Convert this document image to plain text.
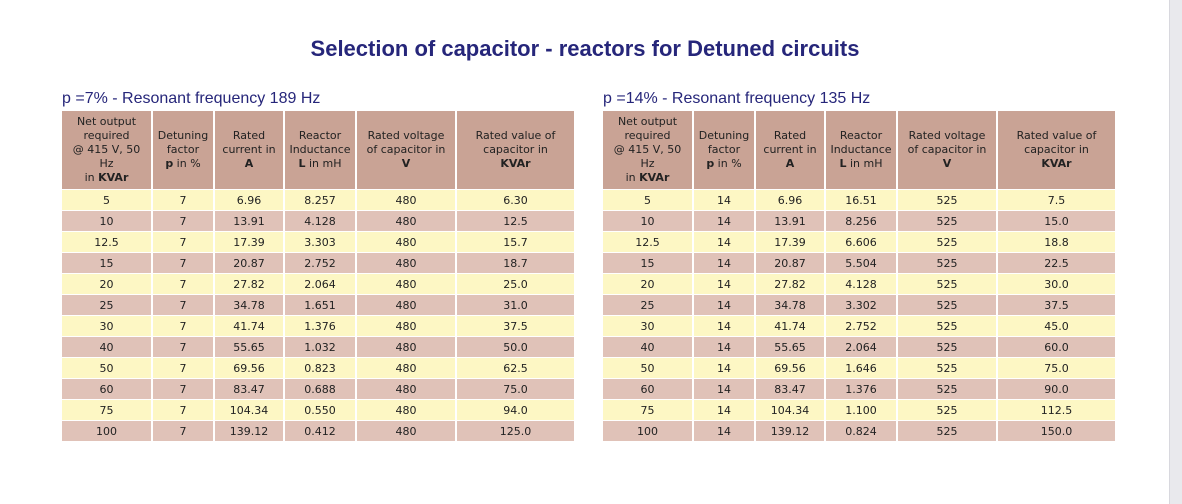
Selection of capacitor - reactors for Detuned circuits
p =7% - Resonant frequency 189 Hz
Net output
required
@ 415 V, 50 Hz
in KVAr	Detuning
factor
p in %	Rated
current in
A	Reactor
Inductance
L in mH	Rated voltage
of capacitor in
V	Rated value of
capacitor in
KVAr
5	7	6.96	8.257	480	6.30
10	7	13.91	4.128	480	12.5
12.5	7	17.39	3.303	480	15.7
15	7	20.87	2.752	480	18.7
20	7	27.82	2.064	480	25.0
25	7	34.78	1.651	480	31.0
30	7	41.74	1.376	480	37.5
40	7	55.65	1.032	480	50.0
50	7	69.56	0.823	480	62.5
60	7	83.47	0.688	480	75.0
75	7	104.34	0.550	480	94.0
100	7	139.12	0.412	480	125.0
p =14% - Resonant frequency 135 Hz
Net output
required
@ 415 V, 50 Hz
in KVAr	Detuning
factor
p in %	Rated
current in
A	Reactor
Inductance
L in mH	Rated voltage
of capacitor in
V	Rated value of
capacitor in
KVAr
5	14	6.96	16.51	525	7.5
10	14	13.91	8.256	525	15.0
12.5	14	17.39	6.606	525	18.8
15	14	20.87	5.504	525	22.5
20	14	27.82	4.128	525	30.0
25	14	34.78	3.302	525	37.5
30	14	41.74	2.752	525	45.0
40	14	55.65	2.064	525	60.0
50	14	69.56	1.646	525	75.0
60	14	83.47	1.376	525	90.0
75	14	104.34	1.100	525	112.5
100	14	139.12	0.824	525	150.0
